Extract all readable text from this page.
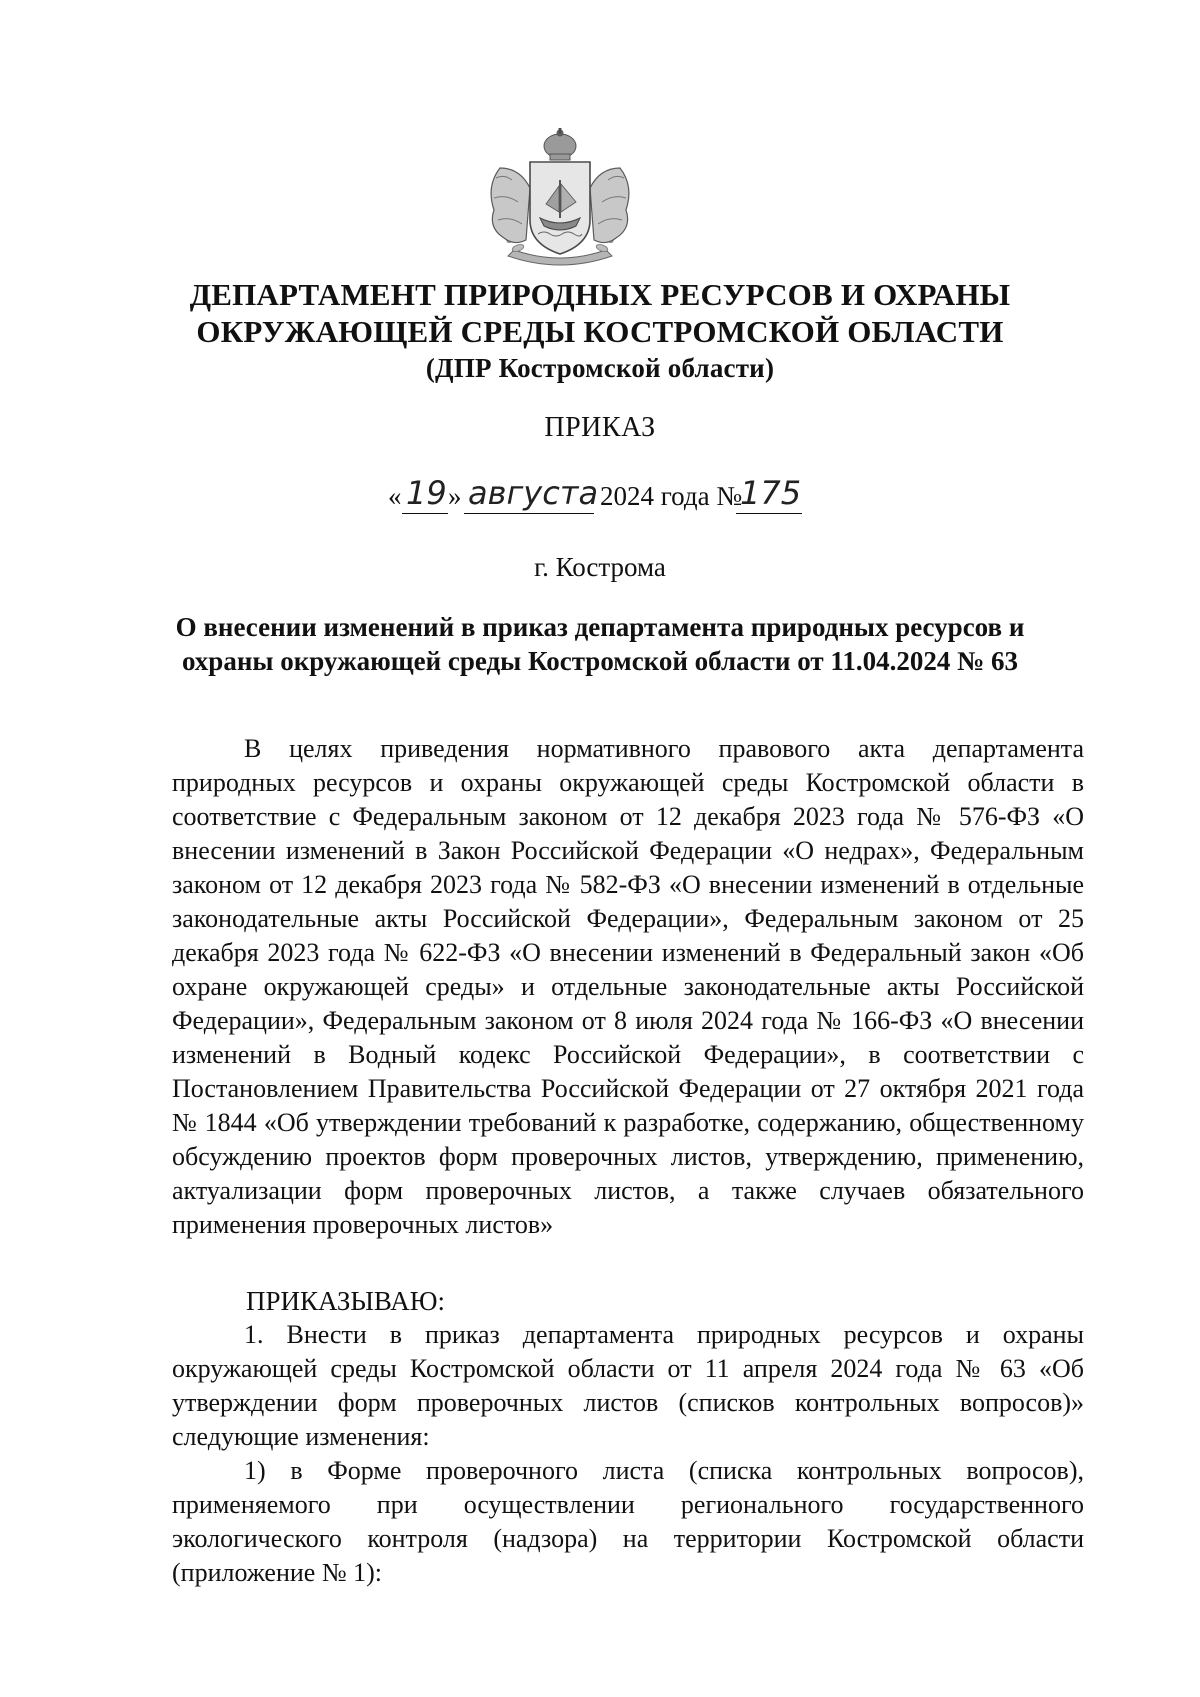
ДЕПАРТАМЕНТ ПРИРОДНЫХ РЕСУРСОВ И ОХРАНЫ
ОКРУЖАЮЩЕЙ СРЕДЫ КОСТРОМСКОЙ ОБЛАСТИ
(ДПР Костромской области)
ПРИКАЗ
« 19 » августа 2024 года №
175
г. Кострома
О внесении изменений в приказ департамента природных ресурсов и
охраны окружающей среды Костромской области от 11.04.2024 № 63
В целях приведения нормативного правового акта департамента природных ресурсов и охраны окружающей среды Костромской области в соответствие с Федеральным законом от 12 декабря 2023 года № 576-ФЗ «О внесении изменений в Закон Российской Федерации «О недрах», Федеральным законом от 12 декабря 2023 года № 582-ФЗ «О внесении изменений в отдельные законодательные акты Российской Федерации», Федеральным законом от 25 декабря 2023 года № 622-ФЗ «О внесении изменений в Федеральный закон «Об охране окружающей среды» и отдельные законодательные акты Российской Федерации», Федеральным законом от 8 июля 2024 года № 166-ФЗ «О внесении изменений в Водный кодекс Российской Федерации», в соответствии с Постановлением Правительства Российской Федерации от 27 октября 2021 года № 1844 «Об утверждении требований к разработке, содержанию, общественному обсуждению проектов форм проверочных листов, утверждению, применению, актуализации форм проверочных листов, а также случаев обязательного применения проверочных листов»
ПРИКАЗЫВАЮ:
1. Внести в приказ департамента природных ресурсов и охраны окружающей среды Костромской области от 11 апреля 2024 года № 63 «Об утверждении форм проверочных листов (списков контрольных вопросов)» следующие изменения:
1) в Форме проверочного листа (списка контрольных вопросов), применяемого при осуществлении регионального государственного экологического контроля (надзора) на территории Костромской области (приложение № 1):
